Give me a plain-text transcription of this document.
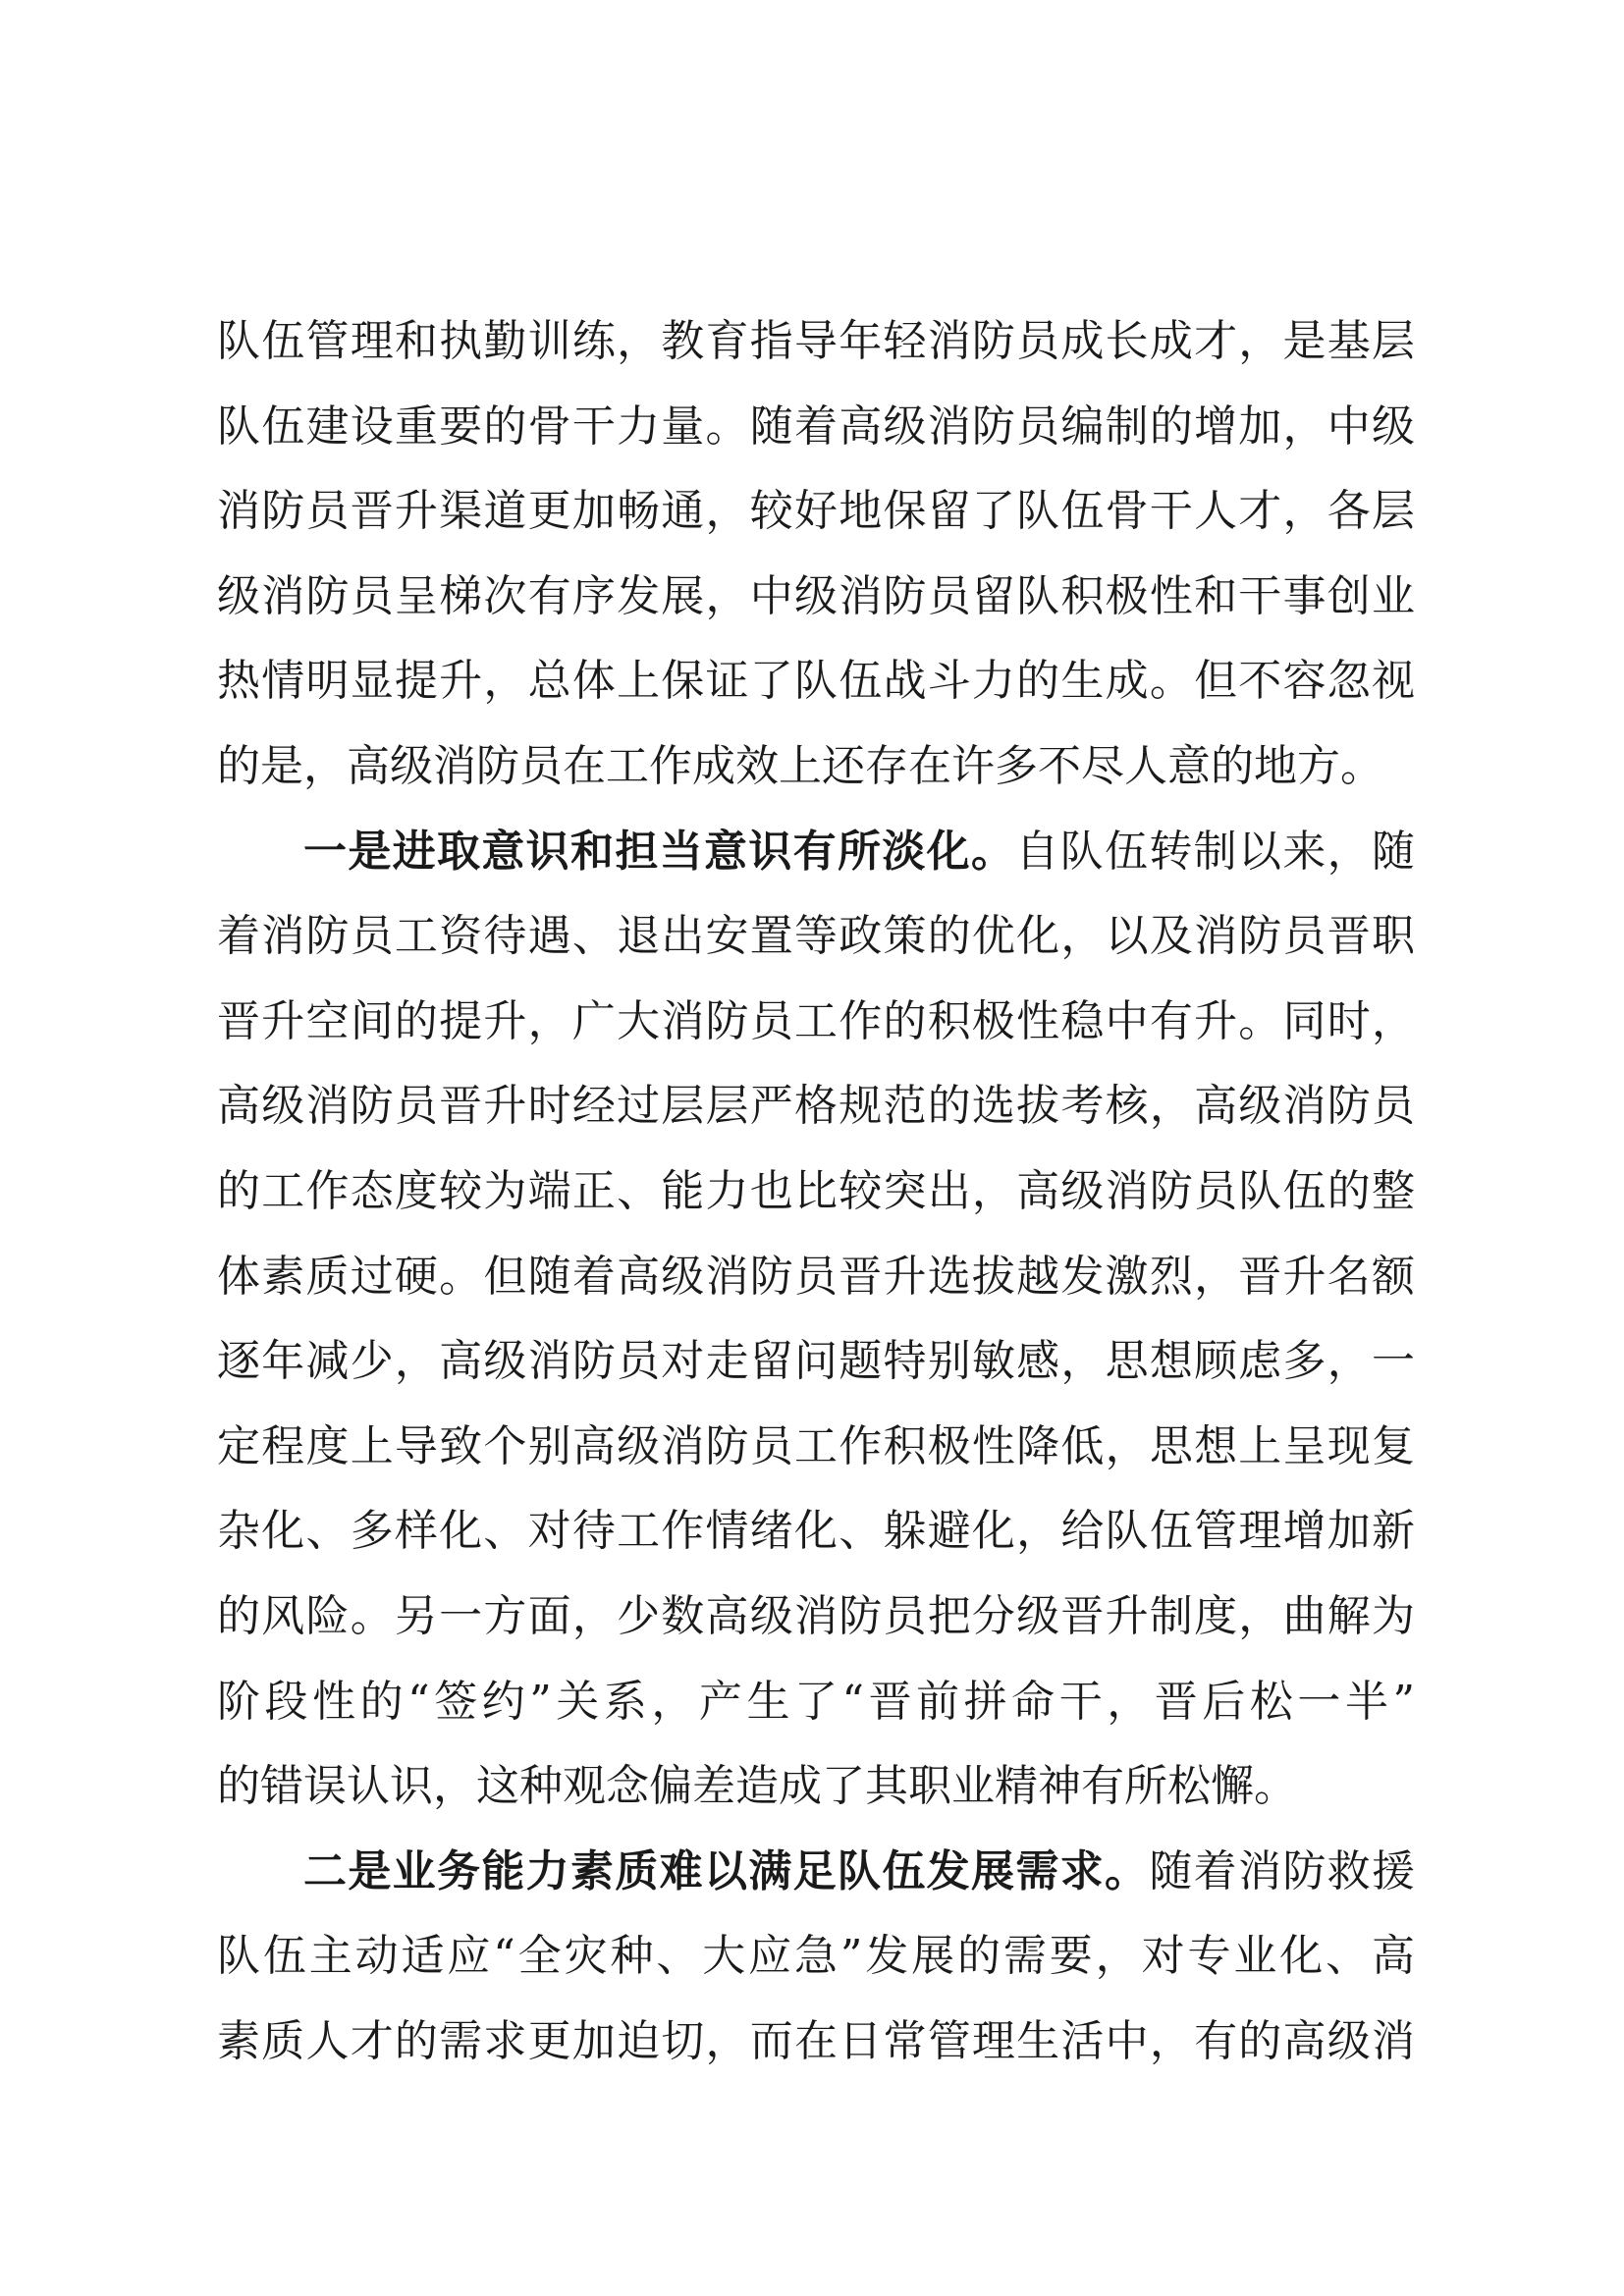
队伍管理和执勤训练，教育指导年轻消防员成长成才，是基层
队伍建设重要的骨干力量。随着高级消防员编制的增加，中级
消防员晋升渠道更加畅通，较好地保留了队伍骨干人才，各层
级消防员呈梯次有序发展，中级消防员留队积极性和干事创业
热情明显提升，总体上保证了队伍战斗力的生成。但不容忽视
的是，高级消防员在工作成效上还存在许多不尽人意的地方。
一是进取意识和担当意识有所淡化。自队伍转制以来，随
着消防员工资待遇、退出安置等政策的优化，以及消防员晋职
晋升空间的提升，广大消防员工作的积极性稳中有升。同时，
高级消防员晋升时经过层层严格规范的选拔考核，高级消防员
的工作态度较为端正、能力也比较突出，高级消防员队伍的整
体素质过硬。但随着高级消防员晋升选拔越发激烈，晋升名额
逐年减少，高级消防员对走留问题特别敏感，思想顾虑多，一
定程度上导致个别高级消防员工作积极性降低，思想上呈现复
杂化、多样化、对待工作情绪化、躲避化，给队伍管理增加新
的风险。另一方面，少数高级消防员把分级晋升制度，曲解为
阶段性的“签约”关系，产生了“晋前拼命干，晋后松一半”
的错误认识，这种观念偏差造成了其职业精神有所松懈。
二是业务能力素质难以满足队伍发展需求。随着消防救援
队伍主动适应“全灾种、大应急”发展的需要，对专业化、高
素质人才的需求更加迫切，而在日常管理生活中，有的高级消
